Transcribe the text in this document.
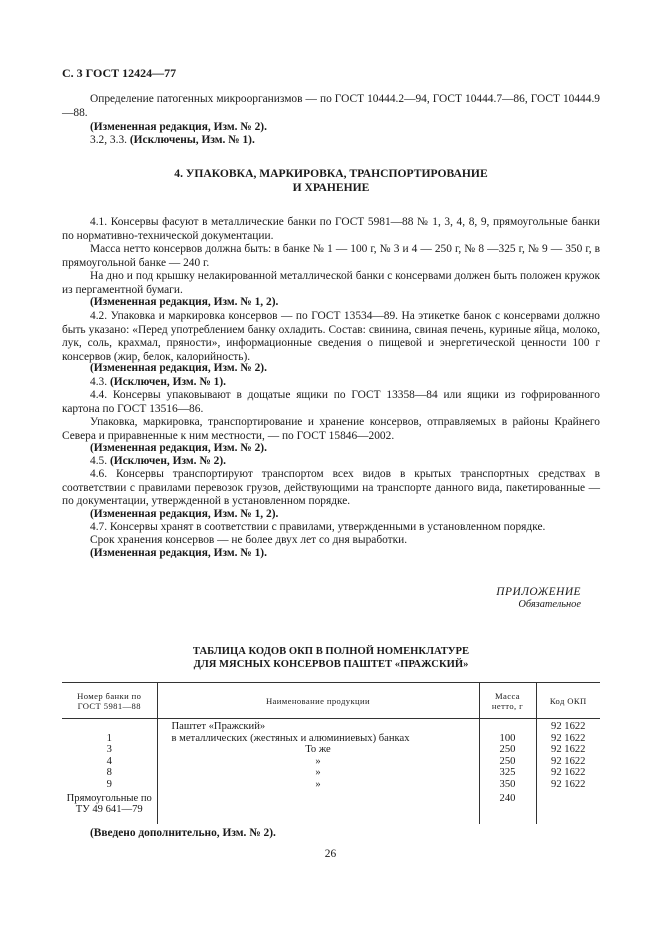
С. 3 ГОСТ 12424—77
Определение патогенных микроорганизмов — по ГОСТ 10444.2—94, ГОСТ 10444.7—86, ГОСТ 10444.9—88.
(Измененная редакция, Изм. № 2).
3.2, 3.3. (Исключены, Изм. № 1).
4. УПАКОВКА, МАРКИРОВКА, ТРАНСПОРТИРОВАНИЕ
И ХРАНЕНИЕ
4.1. Консервы фасуют в металлические банки по ГОСТ 5981—88 № 1, 3, 4, 8, 9, прямоугольные банки по нормативно-технической документации.
Масса нетто консервов должна быть: в банке № 1 — 100 г, № 3 и 4 — 250 г, № 8 —325 г, № 9 — 350 г, в прямоугольной банке — 240 г.
На дно и под крышку нелакированной металлической банки с консервами должен быть положен кружок из пергаментной бумаги.
(Измененная редакция, Изм. № 1, 2).
4.2. Упаковка и маркировка консервов — по ГОСТ 13534—89. На этикетке банок с консервами должно быть указано: «Перед употреблением банку охладить. Состав: свинина, свиная печень, куриные яйца, молоко, лук, соль, крахмал, пряности», информационные сведения о пищевой и энергетической ценности 100 г консервов (жир, белок, калорийность).
(Измененная редакция, Изм. № 2).
4.3. (Исключен, Изм. № 1).
4.4. Консервы упаковывают в дощатые ящики по ГОСТ 13358—84 или ящики из гофрированного картона по ГОСТ 13516—86.
Упаковка, маркировка, транспортирование и хранение консервов, отправляемых в районы Крайнего Севера и приравненные к ним местности, — по ГОСТ 15846—2002.
(Измененная редакция, Изм. № 2).
4.5. (Исключен, Изм. № 2).
4.6. Консервы транспортируют транспортом всех видов в крытых транспортных средствах в соответствии с правилами перевозок грузов, действующими на транспорте данного вида, пакетированные — по документации, утвержденной в установленном порядке.
(Измененная редакция, Изм. № 1, 2).
4.7. Консервы хранят в соответствии с правилами, утвержденными в установленном порядке.
Срок хранения консервов — не более двух лет со дня выработки.
(Измененная редакция, Изм. № 1).
ПРИЛОЖЕНИЕ
Обязательное
ТАБЛИЦА КОДОВ ОКП В ПОЛНОЙ НОМЕНКЛАТУРЕ
ДЛЯ МЯСНЫХ КОНСЕРВОВ ПАШТЕТ «ПРАЖСКИЙ»
Номер банки по ГОСТ 5981—88	Наименование продукции	Масса нетто, г	Код ОКП
	Паштет «Пражский»		92 1622
1	в металлических (жестяных и алюминиевых) банках	100	92 1622
3	То же	250	92 1622
4	»	250	92 1622
8	»	325	92 1622
9	»	350	92 1622
Прямоугольные по ТУ 49 641—79		240	
(Введено дополнительно, Изм. № 2).
26
